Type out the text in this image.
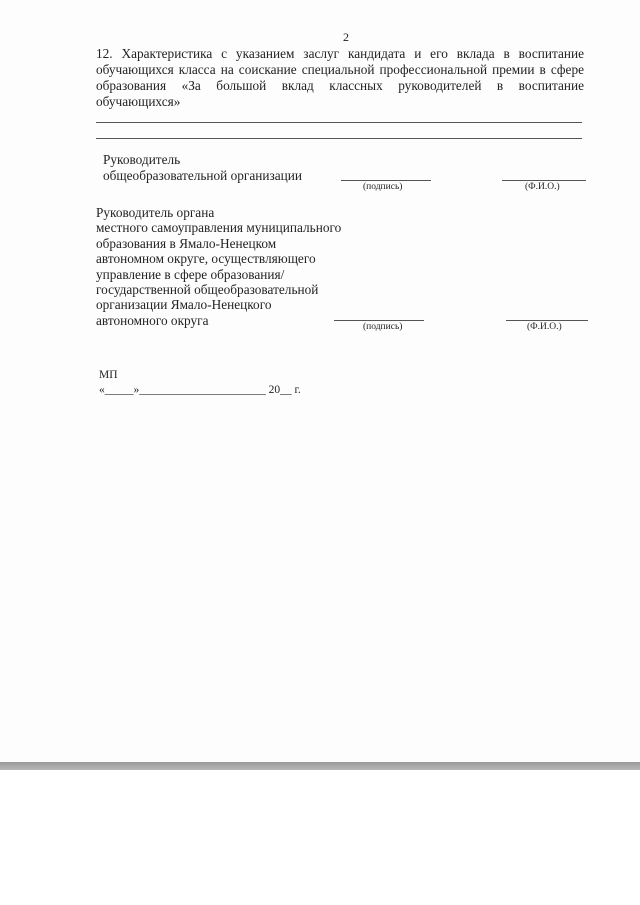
2
12. Характеристика с указанием заслуг кандидата и его вклада в воспитание обучающихся класса на соискание специальной профессиональной премии в сфере образования «За большой вклад классных руководителей в воспитание обучающихся»
Руководитель
общеобразовательной организации
(подпись)	(Ф.И.О.)
Руководитель органа
местного самоуправления муниципального
образования в Ямало-Ненецком
автономном округе, осуществляющего
управление в сфере образования/
государственной общеобразовательной
организации Ямало-Ненецкого
автономного округа	(подпись)	(Ф.И.О.)
МП
«_____»______________________ 20__ г.
